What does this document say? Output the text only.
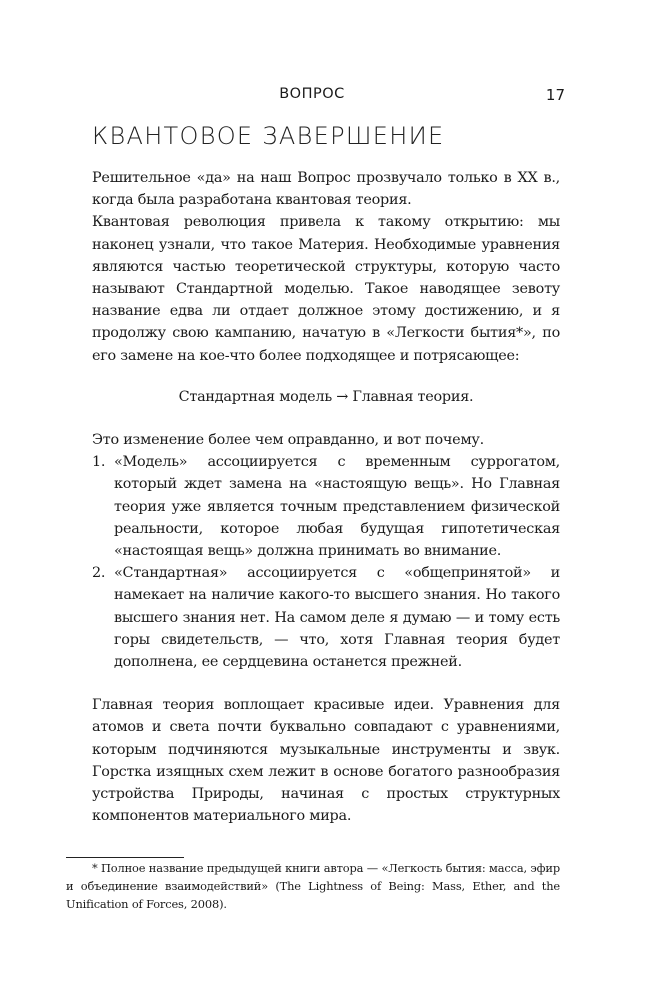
ВОПРОС	17
КВАНТОВОЕ ЗАВЕРШЕНИЕ

Решительное «да» на наш Вопрос прозвучало только в XX в., когда была разработана квантовая теория.

Квантовая революция привела к такому открытию: мы наконец узнали, что такое Материя. Необходимые уравнения являются частью теоретической структуры, которую часто называют Стандартной моделью. Такое наводящее зевоту название едва ли отдает должное этому достижению, и я продолжу свою кампанию, начатую в «Легкости бытия*», по его замене на кое-что более подходящее и потрясающее:

Стандартная модель → Главная теория.

Это изменение более чем оправданно, и вот почему.

1. «Модель» ассоциируется с временным суррогатом, который ждет замена на «настоящую вещь». Но Главная теория уже является точным представлением физической реальности, которое любая будущая гипотетическая «настоящая вещь» должна принимать во внимание.
2. «Стандартная» ассоциируется с «общепринятой» и намекает на наличие какого-то высшего знания. Но такого высшего знания нет. На самом деле я думаю — и тому есть горы свидетельств, — что, хотя Главная теория будет дополнена, ее сердцевина останется прежней.

Главная теория воплощает красивые идеи. Уравнения для атомов и света почти буквально совпадают с уравнениями, которым подчиняются музыкальные инструменты и звук. Горстка изящных схем лежит в основе богатого разнообразия устройства Природы, начиная с простых структурных компонентов материального мира.

* Полное название предыдущей книги автора — «Легкость бытия: масса, эфир и объединение взаимодействий» (The Lightness of Being: Mass, Ether, and the Unification of Forces, 2008).
